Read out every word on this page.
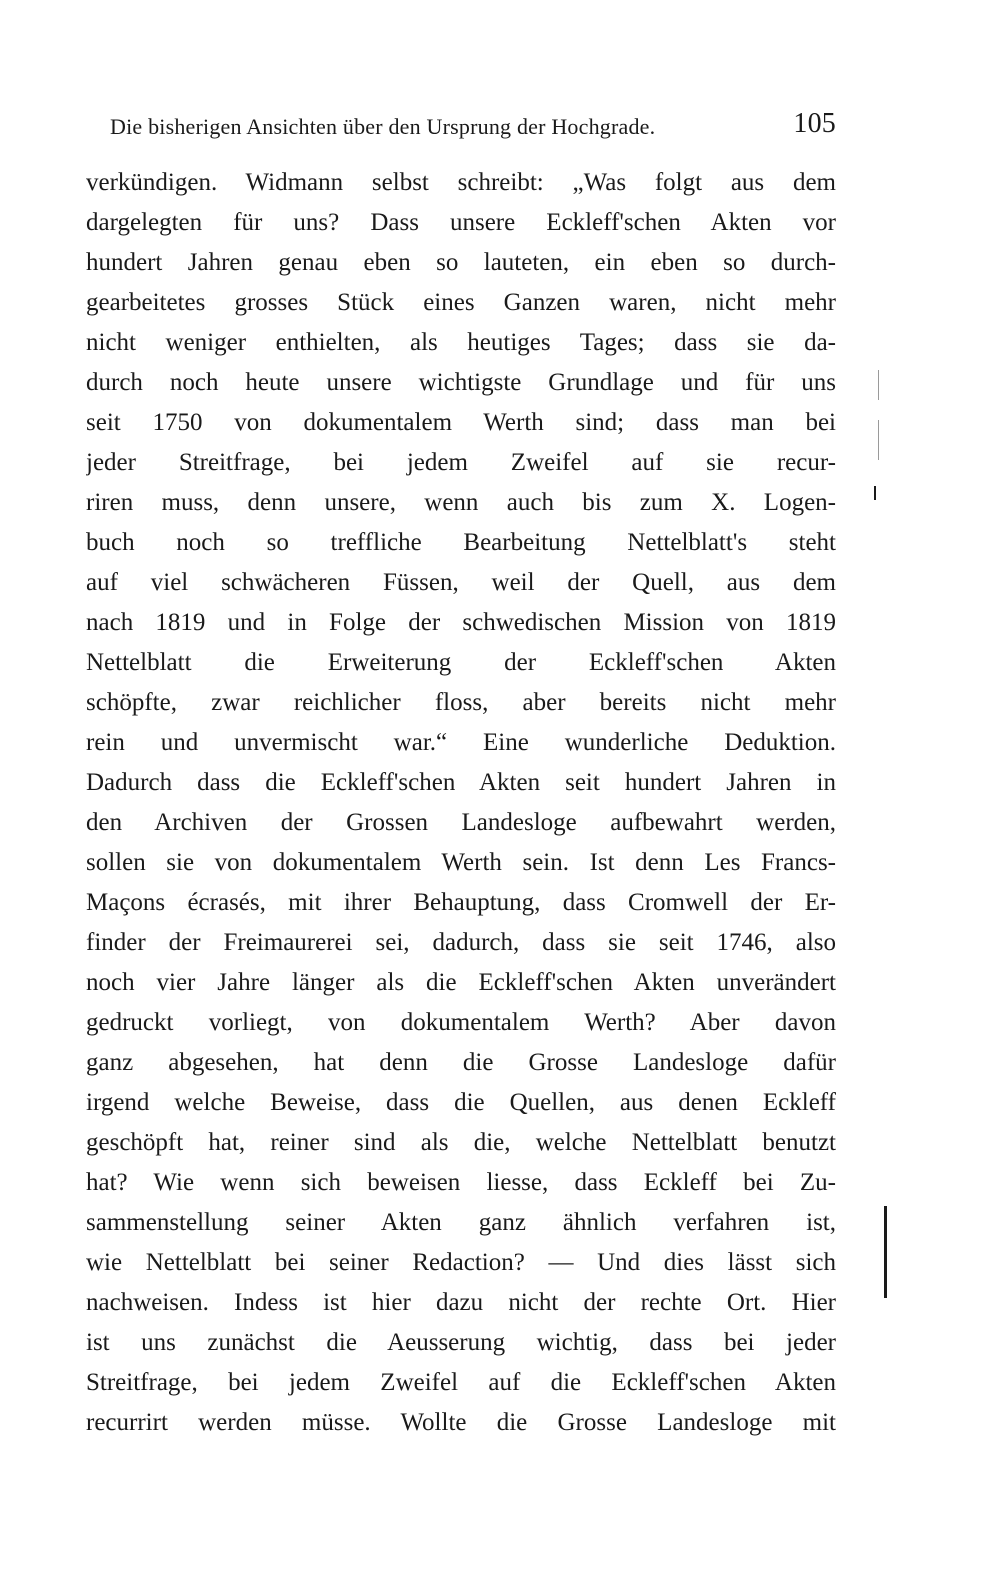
Die bisherigen Ansichten über den Ursprung der Hochgrade.	105
verkündigen. Widmann selbst schreibt: „Was folgt aus dem
dargelegten für uns? Dass unsere Eckleff'schen Akten vor
hundert Jahren genau eben so lauteten, ein eben so durch-
gearbeitetes grosses Stück eines Ganzen waren, nicht mehr
nicht weniger enthielten, als heutiges Tages; dass sie da-
durch noch heute unsere wichtigste Grundlage und für uns
seit 1750 von dokumentalem Werth sind; dass man bei
jeder Streitfrage, bei jedem Zweifel auf sie recur-
riren muss, denn unsere, wenn auch bis zum X. Logen-
buch noch so treffliche Bearbeitung Nettelblatt's steht
auf viel schwächeren Füssen, weil der Quell, aus dem
nach 1819 und in Folge der schwedischen Mission von 1819
Nettelblatt die Erweiterung der Eckleff'schen Akten
schöpfte, zwar reichlicher floss, aber bereits nicht mehr
rein und unvermischt war.“ Eine wunderliche Deduktion.
Dadurch dass die Eckleff'schen Akten seit hundert Jahren in
den Archiven der Grossen Landesloge aufbewahrt werden,
sollen sie von dokumentalem Werth sein. Ist denn Les Francs-
Maçons écrasés, mit ihrer Behauptung, dass Cromwell der Er-
finder der Freimaurerei sei, dadurch, dass sie seit 1746, also
noch vier Jahre länger als die Eckleff'schen Akten unverändert
gedruckt vorliegt, von dokumentalem Werth? Aber davon
ganz abgesehen, hat denn die Grosse Landesloge dafür
irgend welche Beweise, dass die Quellen, aus denen Eckleff
geschöpft hat, reiner sind als die, welche Nettelblatt benutzt
hat? Wie wenn sich beweisen liesse, dass Eckleff bei Zu-
sammenstellung seiner Akten ganz ähnlich verfahren ist,
wie Nettelblatt bei seiner Redaction? — Und dies lässt sich
nachweisen. Indess ist hier dazu nicht der rechte Ort. Hier
ist uns zunächst die Aeusserung wichtig, dass bei jeder
Streitfrage, bei jedem Zweifel auf die Eckleff'schen Akten
recurrirt werden müsse. Wollte die Grosse Landesloge mit
